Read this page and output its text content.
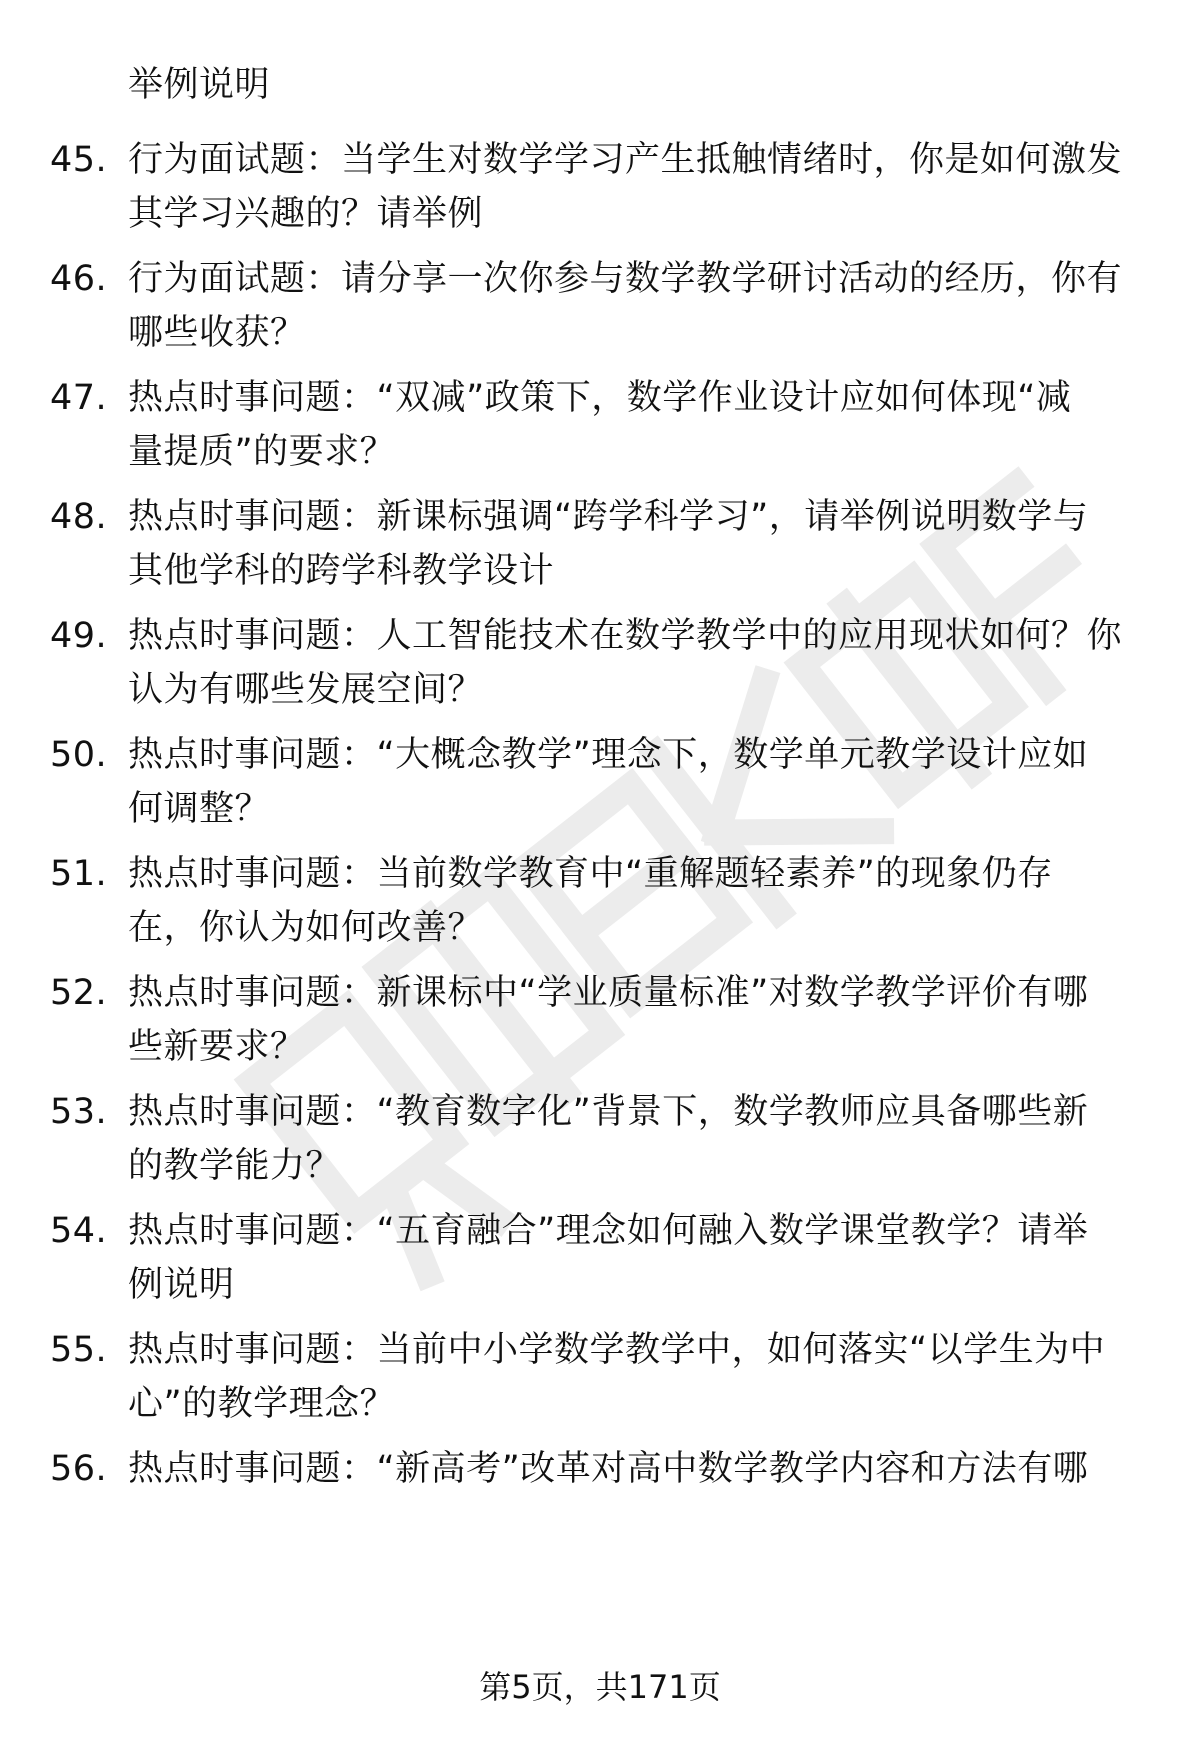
举例说明
45. 行为面试题：当学生对数学学习产生抵触情绪时，你是如何激发
其学习兴趣的？请举例
46. 行为面试题：请分享一次你参与数学教学研讨活动的经历，你有
哪些收获？
47. 热点时事问题：“双减”政策下，数学作业设计应如何体现“减
量提质”的要求？
48. 热点时事问题：新课标强调“跨学科学习”，请举例说明数学与
其他学科的跨学科教学设计
49. 热点时事问题：人工智能技术在数学教学中的应用现状如何？你
认为有哪些发展空间？
50. 热点时事问题：“大概念教学”理念下，数学单元教学设计应如
何调整？
51. 热点时事问题：当前数学教育中“重解题轻素养”的现象仍存
在，你认为如何改善？
52. 热点时事问题：新课标中“学业质量标准”对数学教学评价有哪
些新要求？
53. 热点时事问题：“教育数字化”背景下，数学教师应具备哪些新
的教学能力？
54. 热点时事问题：“五育融合”理念如何融入数学课堂教学？请举
例说明
55. 热点时事问题：当前中小学数学教学中，如何落实“以学生为中
心”的教学理念？
56. 热点时事问题：“新高考”改革对高中数学教学内容和方法有哪
第5页，共171页
